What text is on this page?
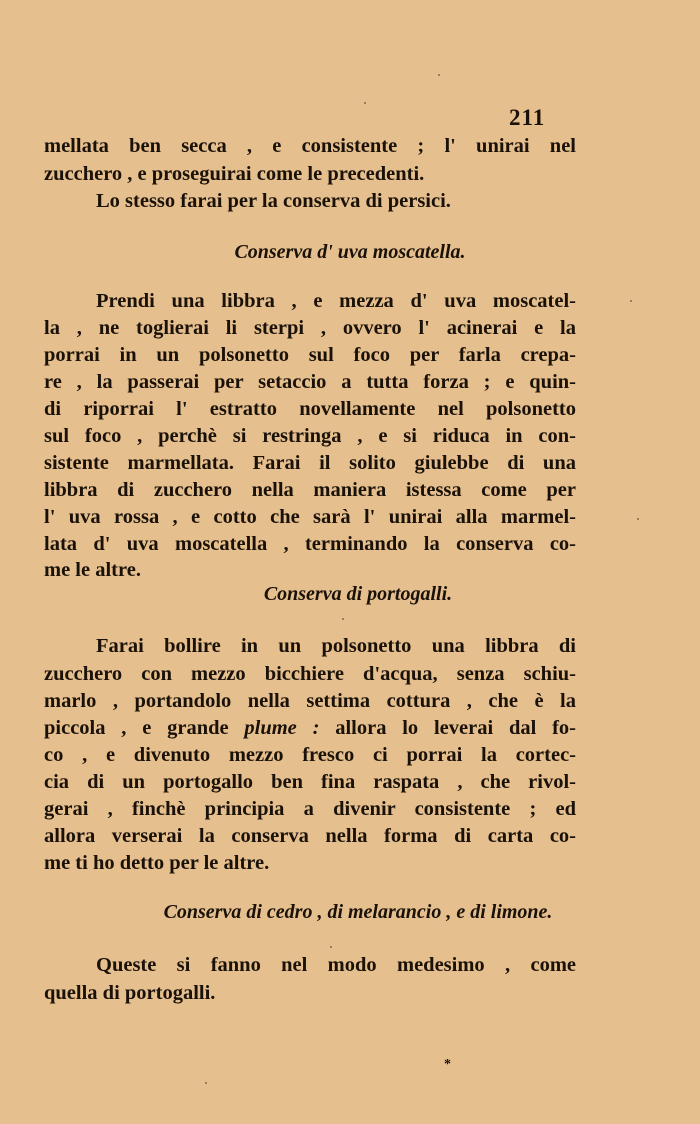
211
mellata ben secca , e consistente ; l' unirai nel
zucchero , e proseguirai come le precedenti.
Lo stesso farai per la conserva di persici.
Conserva d' uva moscatella.
Prendi una libbra , e mezza d' uva moscatel-
la , ne toglierai li sterpi , ovvero l' acinerai e la
porrai in un polsonetto sul foco per farla crepa-
re , la passerai per setaccio a tutta forza ; e quin-
di riporrai l' estratto novellamente nel polsonetto
sul foco , perchè si restringa , e si riduca in con-
sistente marmellata. Farai il solito giulebbe di una
libbra di zucchero nella maniera istessa come per
l' uva rossa , e cotto che sarà l' unirai alla marmel-
lata d' uva moscatella , terminando la conserva co-
me le altre.
Conserva di portogalli.
Farai bollire in un polsonetto una libbra di
zucchero con mezzo bicchiere d'acqua, senza schiu-
marlo , portandolo nella settima cottura , che è la
piccola , e grande plume : allora lo leverai dal fo-
co , e divenuto mezzo fresco ci porrai la cortec-
cia di un portogallo ben fina raspata , che rivol-
gerai , finchè principia a divenir consistente ; ed
allora verserai la conserva nella forma di carta co-
me ti ho detto per le altre.
Conserva di cedro , di melarancio , e di limone.
Queste si fanno nel modo medesimo , come
quella di portogalli.
*
